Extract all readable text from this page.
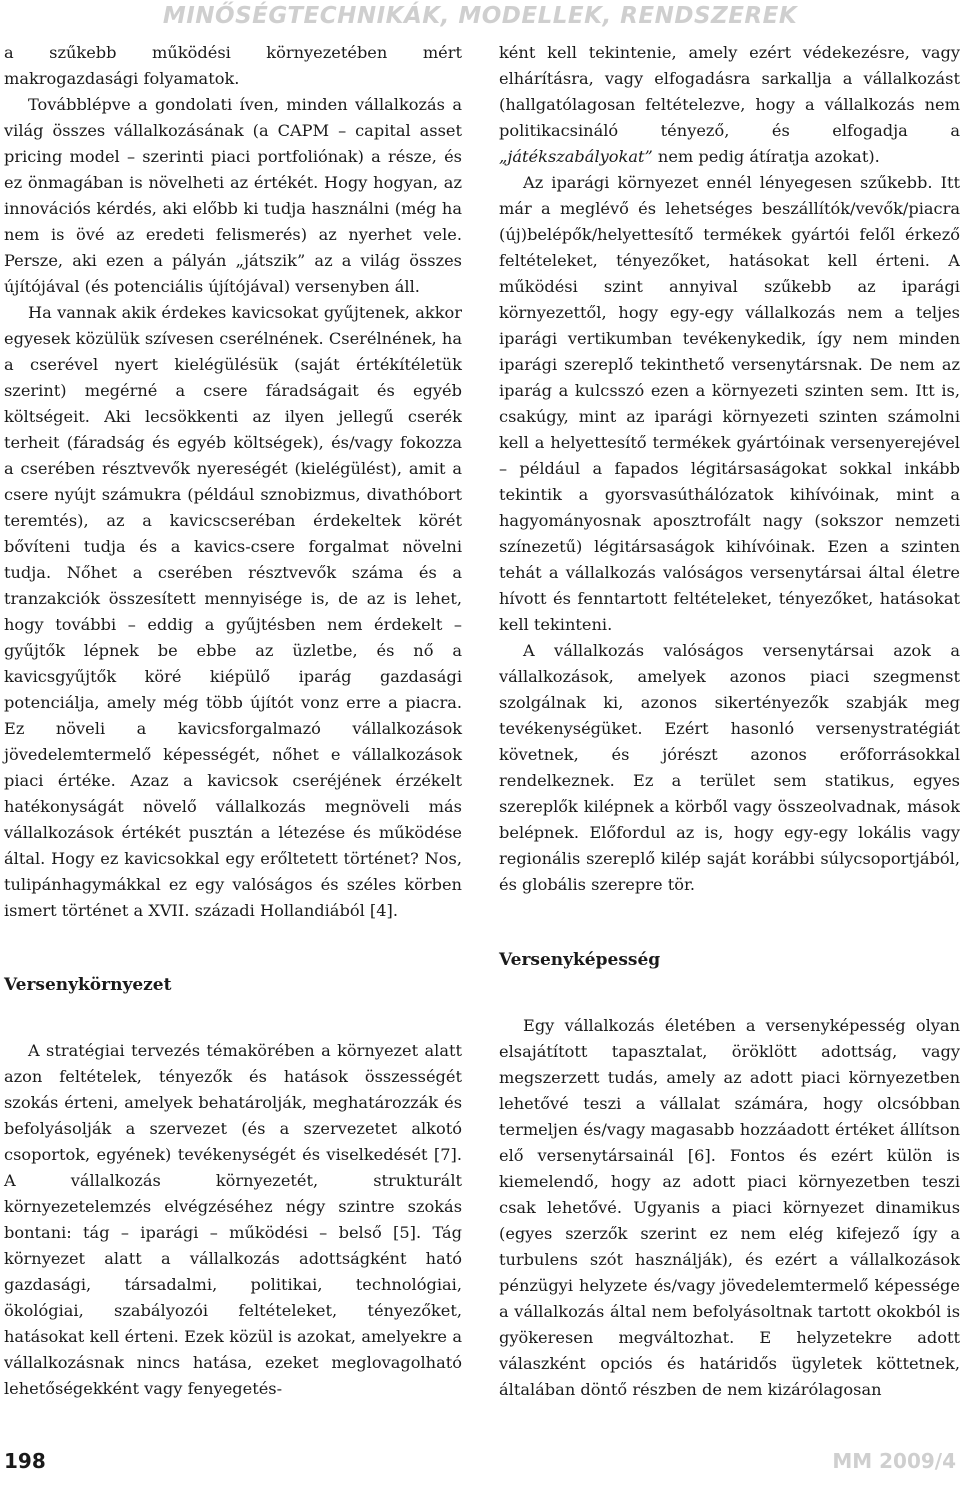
MINŐSÉGTECHNIKÁK, MODELLEK, RENDSZEREK

a szűkebb működési környezetében mért makrogazdasági folyamatok.

Továbblépve a gondolati íven, minden vállalkozás a világ összes vállalkozásának (a CAPM – capital asset pricing model – szerinti piaci portfoliónak) a része, és ez önmagában is növelheti az értékét. Hogy hogyan, az innovációs kérdés, aki előbb ki tudja használni (még ha nem is övé az eredeti felismerés) az nyerhet vele. Persze, aki ezen a pályán „játszik” az a világ összes újítójával (és potenciális újítójával) versenyben áll.

Ha vannak akik érdekes kavicsokat gyűjtenek, akkor egyesek közülük szívesen cserélnének. Cserélnének, ha a cserével nyert kielégülésük (saját értékítéletük szerint) megérné a csere fáradságait és egyéb költségeit. Aki lecsökkenti az ilyen jellegű cserék terheit (fáradság és egyéb költségek), és/vagy fokozza a cserében résztvevők nyereségét (kielégülést), amit a csere nyújt számukra (például sznobizmus, divathóbort teremtés), az a kavicscseréban érdekeltek körét bővíteni tudja és a kavics-csere forgalmat növelni tudja. Nőhet a cserében résztvevők száma és a tranzakciók összesített mennyisége is, de az is lehet, hogy további – eddig a gyűjtésben nem érdekelt – gyűjtők lépnek be ebbe az üzletbe, és nő a kavicsgyűjtők köré kiépülő iparág gazdasági potenciálja, amely még több újítót vonz erre a piacra. Ez növeli a kavicsforgalmazó vállalkozások jövedelemtermelő képességét, nőhet e vállalkozások piaci értéke. Azaz a kavicsok cseréjének érzékelt hatékonyságát növelő vállalkozás megnöveli más vállalkozások értékét pusztán a létezése és működése által. Hogy ez kavicsokkal egy erőltetett történet? Nos, tulipánhagymákkal ez egy valóságos és széles körben ismert történet a XVII. századi Hollandiából [4].

Versenykörnyezet

A stratégiai tervezés témakörében a környezet alatt azon feltételek, tényezők és hatások összességét szokás érteni, amelyek behatárolják, meghatározzák és befolyásolják a szervezet (és a szervezetet alkotó csoportok, egyének) tevékenységét és viselkedését [7]. A vállalkozás környezetét, strukturált környezetelemzés elvégzéséhez négy szintre szokás bontani: tág – iparági – működési – belső [5]. Tág környezet alatt a vállalkozás adottságként ható gazdasági, társadalmi, politikai, technológiai, ökológiai, szabályozói feltételeket, tényezőket, hatásokat kell érteni. Ezek közül is azokat, amelyekre a vállalkozásnak nincs hatása, ezeket meglovagolható lehetőségekként vagy fenyegetés-

ként kell tekintenie, amely ezért védekezésre, vagy elhárításra, vagy elfogadásra sarkallja a vállalkozást (hallgatólagosan feltételezve, hogy a vállalkozás nem politikacsináló tényező, és elfogadja a „játékszabályokat” nem pedig átíratja azokat).

Az iparági környezet ennél lényegesen szűkebb. Itt már a meglévő és lehetséges beszállítók/vevők/piacra (új)belépők/helyettesítő termékek gyártói felől érkező feltételeket, tényezőket, hatásokat kell érteni. A működési szint annyival szűkebb az iparági környezettől, hogy egy-egy vállalkozás nem a teljes iparági vertikumban tevékenykedik, így nem minden iparági szereplő tekinthető versenytársnak. De nem az iparág a kulcsszó ezen a környezeti szinten sem. Itt is, csakúgy, mint az iparági környezeti szinten számolni kell a helyettesítő termékek gyártóinak versenyerejével – például a fapados légitársaságokat sokkal inkább tekintik a gyorsvasúthálózatok kihívóinak, mint a hagyományosnak aposztrofált nagy (sokszor nemzeti színezetű) légitársaságok kihívóinak. Ezen a szinten tehát a vállalkozás valóságos versenytársai által életre hívott és fenntartott feltételeket, tényezőket, hatásokat kell tekinteni.

A vállalkozás valóságos versenytársai azok a vállalkozások, amelyek azonos piaci szegmenst szolgálnak ki, azonos sikertényezők szabják meg tevékenységüket. Ezért hasonló versenystratégiát követnek, és jórészt azonos erőforrásokkal rendelkeznek. Ez a terület sem statikus, egyes szereplők kilépnek a körből vagy összeolvadnak, mások belépnek. Előfordul az is, hogy egy-egy lokális vagy regionális szereplő kilép saját korábbi súlycsoportjából, és globális szerepre tör.

Versenyképesség

Egy vállalkozás életében a versenyképesség olyan elsajátított tapasztalat, öröklött adottság, vagy megszerzett tudás, amely az adott piaci környezetben lehetővé teszi a vállalat számára, hogy olcsóbban termeljen és/vagy magasabb hozzáadott értéket állítson elő versenytársainál [6]. Fontos és ezért külön is kiemelendő, hogy az adott piaci környezetben teszi csak lehetővé. Ugyanis a piaci környezet dinamikus (egyes szerzők szerint ez nem elég kifejező így a turbulens szót használják), és ezért a vállalkozások pénzügyi helyzete és/vagy jövedelemtermelő képessége a vállalkozás által nem befolyásoltnak tartott okokból is gyökeresen megváltozhat. E helyzetekre adott válaszként opciós és határidős ügyletek köttetnek, általában döntő részben de nem kizárólagosan

198	MM 2009/4
